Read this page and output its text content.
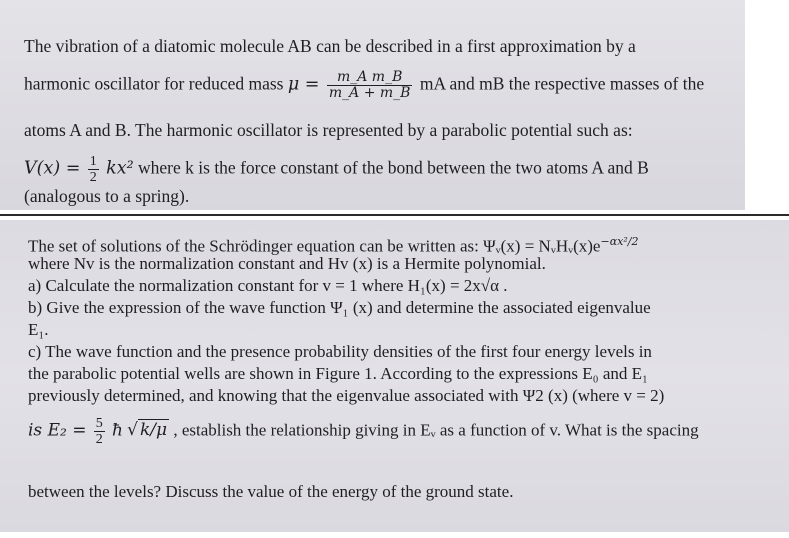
The vibration of a diatomic molecule AB can be described in a first approximation by a
harmonic oscillator for reduced mass $\mu = \frac{\text{m\_A m\_B}}{m\_A + m\_B}$ mA and mB the respective masses of the
atoms A and B. The harmonic oscillator is represented by a parabolic potential such as:
$V(x) = \frac{1}{2} kx^2$ where k is the force constant of the bond between the two atoms A and B
(analogous to a spring).
The set of solutions of the Schrödinger equation can be written as: Ψᵥ(x) = $NᵥHᵥ(x)e^{-\alpha x^2/2}$
where Nv is the normalization constant and Hv (x) is a Hermite polynomial.
a) Calculate the normalization constant for v = 1 where H₁(x) = 2x√α .
b) Give the expression of the wave function Ψ₁ (x) and determine the associated eigenvalue
E₁.
c) The wave function and the presence probability densities of the first four energy levels in
the parabolic potential wells are shown in Figure 1. According to the expressions E₀ and E₁
previously determined, and knowing that the eigenvalue associated with Ψ2 (x) (where v = 2)
is $E_2 = \frac{5}{2}$ ħ √ k/μ , establish the relationship giving in Eᵥ as a function of v. What is the spacing
between the levels? Discuss the value of the energy of the ground state.
